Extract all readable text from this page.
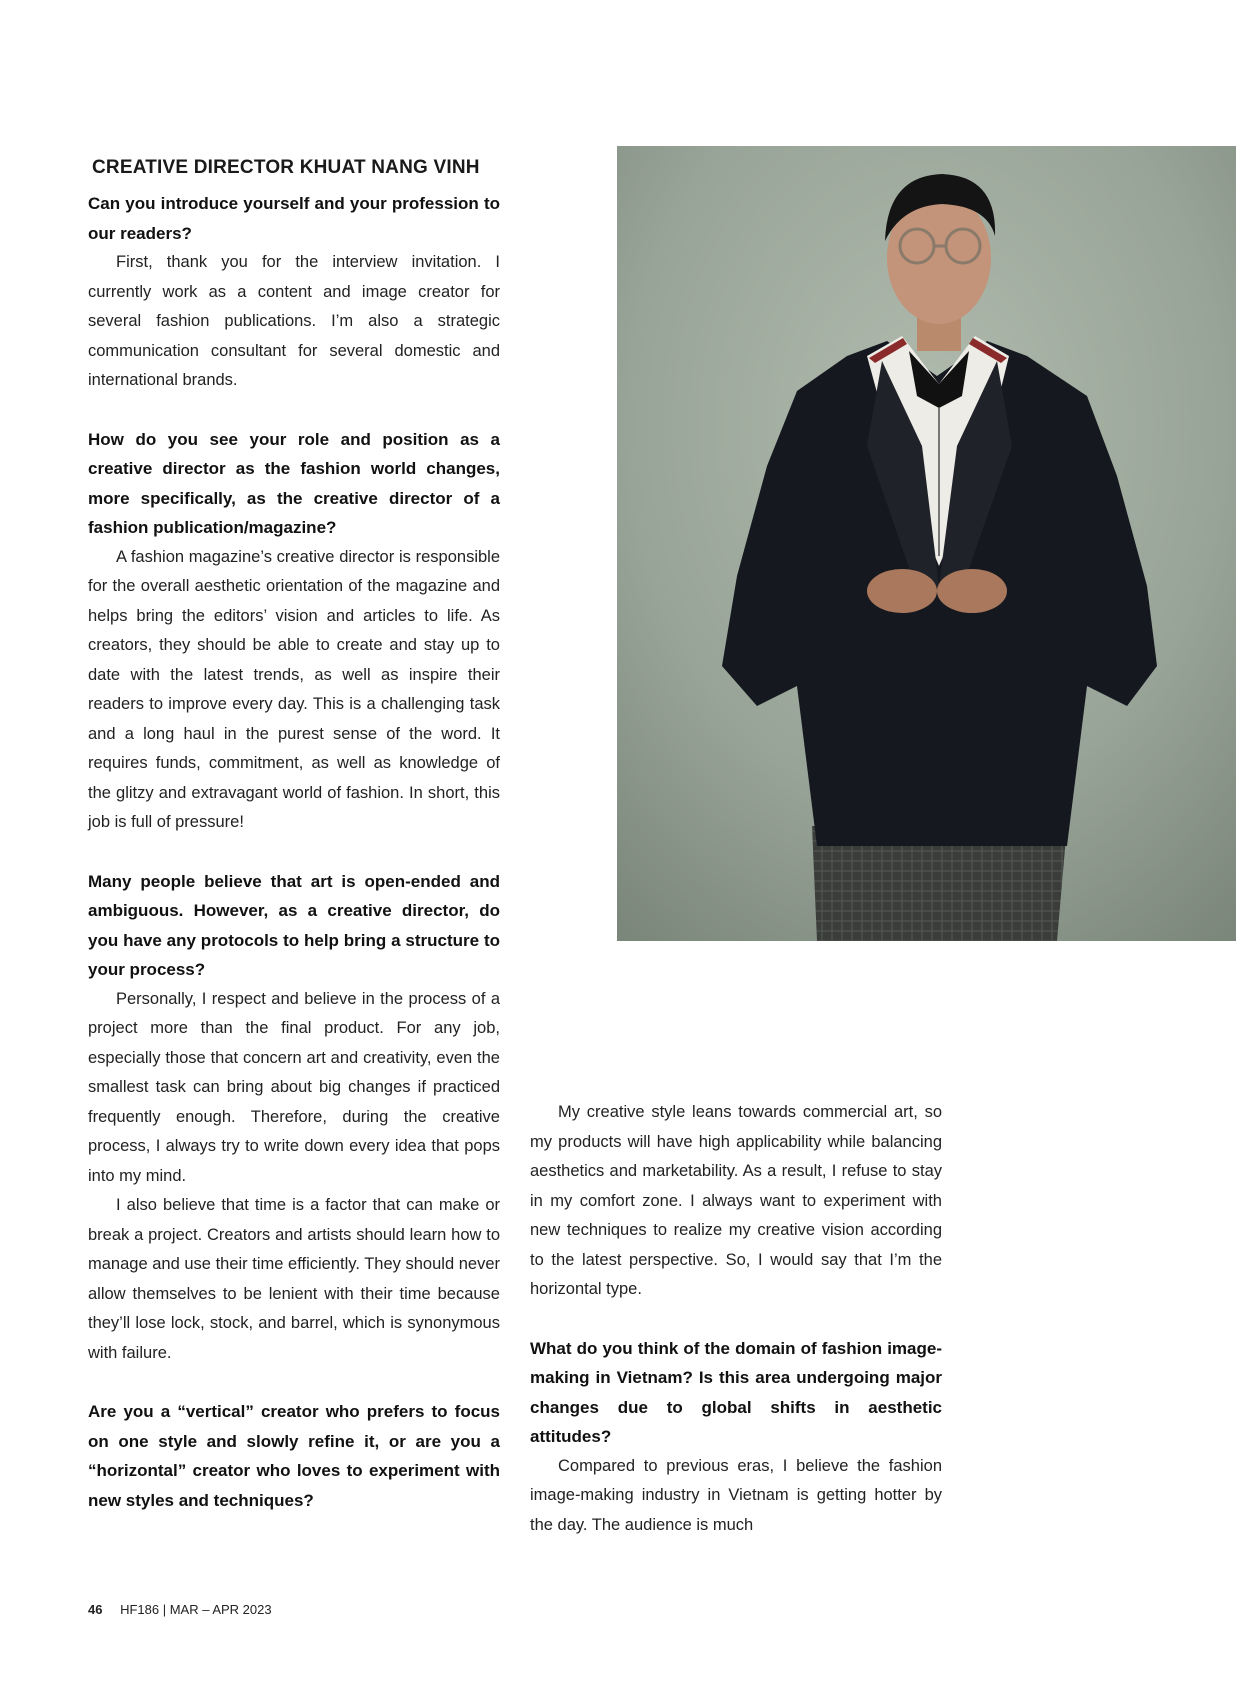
CREATIVE DIRECTOR KHUAT NANG VINH

Can you introduce yourself and your profession to our readers?

First, thank you for the interview invitation. I currently work as a content and image creator for several fashion publications. I’m also a strategic communication consultant for several domestic and international brands.

How do you see your role and position as a creative director as the fashion world changes, more specifically, as the creative director of a fashion publication/magazine?

A fashion magazine’s creative director is responsible for the overall aesthetic orientation of the magazine and helps bring the editors’ vision and articles to life. As creators, they should be able to create and stay up to date with the latest trends, as well as inspire their readers to improve every day. This is a challenging task and a long haul in the purest sense of the word. It requires funds, commitment, as well as knowledge of the glitzy and extravagant world of fashion. In short, this job is full of pressure!

Many people believe that art is open-ended and ambiguous. However, as a creative director, do you have any protocols to help bring a structure to your process?

Personally, I respect and believe in the process of a project more than the final product. For any job, especially those that concern art and creativity, even the smallest task can bring about big changes if practiced frequently enough. Therefore, during the creative process, I always try to write down every idea that pops into my mind.

I also believe that time is a factor that can make or break a project. Creators and artists should learn how to manage and use their time efficiently. They should never allow themselves to be lenient with their time because they’ll lose lock, stock, and barrel, which is synonymous with failure.

Are you a “vertical” creator who prefers to focus on one style and slowly refine it, or are you a “horizontal” creator who loves to experiment with new styles and techniques?

My creative style leans towards commercial art, so my products will have high applicability while balancing aesthetics and marketability. As a result, I refuse to stay in my comfort zone. I always want to experiment with new techniques to realize my creative vision according to the latest perspective. So, I would say that I’m the horizontal type.

What do you think of the domain of fashion image-making in Vietnam? Is this area undergoing major changes due to global shifts in aesthetic attitudes?

Compared to previous eras, I believe the fashion image-making industry in Vietnam is getting hotter by the day. The audience is much

46 HF186 | MAR – APR 2023
